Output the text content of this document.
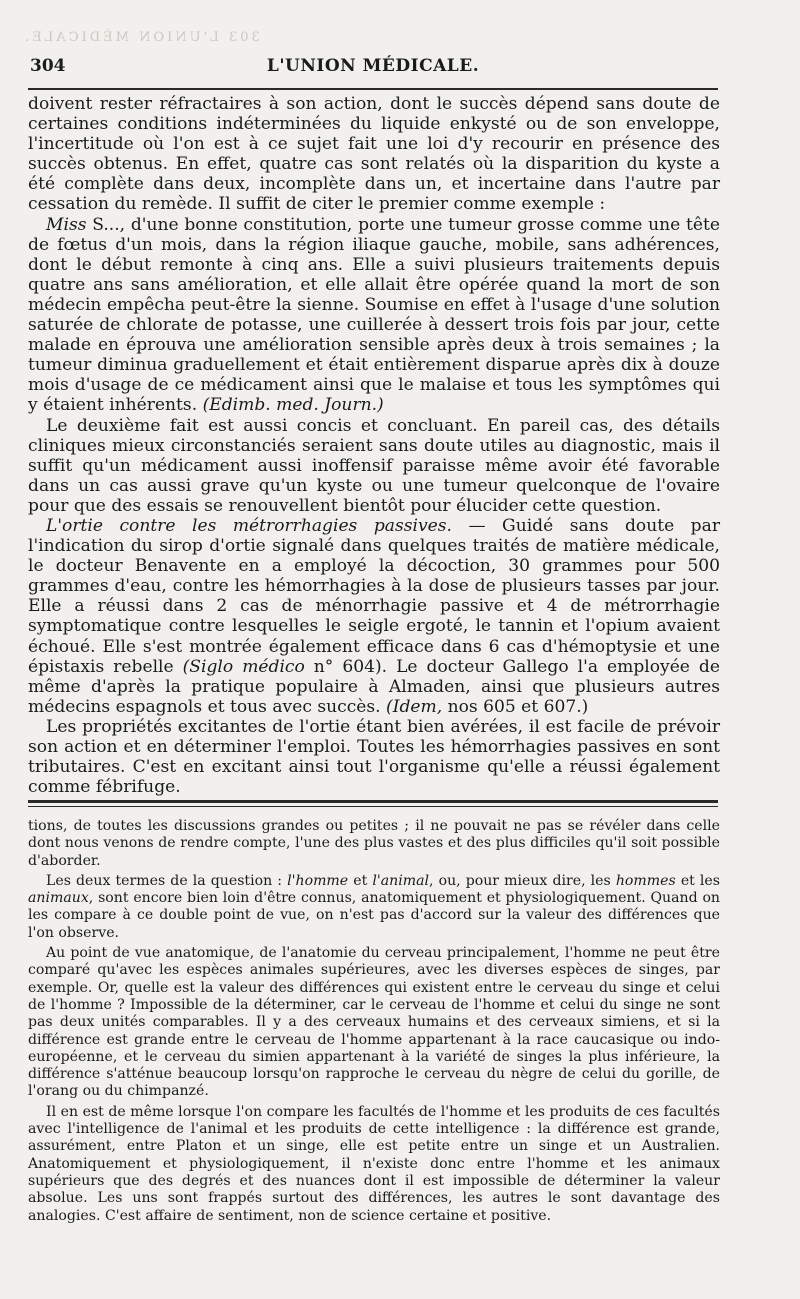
303 L'UNION MÉDICALE.
304	L'UNION MÉDICALE.

doivent rester réfractaires à son action, dont le succès dépend sans doute de certaines conditions indéterminées du liquide enkysté ou de son enveloppe, l'incertitude où l'on est à ce sujet fait une loi d'y recourir en présence des succès obtenus. En effet, quatre cas sont relatés où la disparition du kyste a été complète dans deux, incomplète dans un, et incertaine dans l'autre par cessation du remède. Il suffit de citer le premier comme exemple :

Miss S..., d'une bonne constitution, porte une tumeur grosse comme une tête de fœtus d'un mois, dans la région iliaque gauche, mobile, sans adhérences, dont le début remonte à cinq ans. Elle a suivi plusieurs traitements depuis quatre ans sans amélioration, et elle allait être opérée quand la mort de son médecin empêcha peut-être la sienne. Soumise en effet à l'usage d'une solution saturée de chlorate de potasse, une cuillerée à dessert trois fois par jour, cette malade en éprouva une amélioration sensible après deux à trois semaines ; la tumeur diminua graduellement et était entièrement disparue après dix à douze mois d'usage de ce médicament ainsi que le malaise et tous les symptômes qui y étaient inhérents. (Edimb. med. Journ.)

Le deuxième fait est aussi concis et concluant. En pareil cas, des détails cliniques mieux circonstanciés seraient sans doute utiles au diagnostic, mais il suffit qu'un médicament aussi inoffensif paraisse même avoir été favorable dans un cas aussi grave qu'un kyste ou une tumeur quelconque de l'ovaire pour que des essais se renouvellent bientôt pour élucider cette question.

L'ortie contre les métrorrhagies passives. — Guidé sans doute par l'indication du sirop d'ortie signalé dans quelques traités de matière médicale, le docteur Benavente en a employé la décoction, 30 grammes pour 500 grammes d'eau, contre les hémorrhagies à la dose de plusieurs tasses par jour. Elle a réussi dans 2 cas de ménorrhagie passive et 4 de métrorrhagie symptomatique contre lesquelles le seigle ergoté, le tannin et l'opium avaient échoué. Elle s'est montrée également efficace dans 6 cas d'hémoptysie et une épistaxis rebelle (Siglo médico n° 604). Le docteur Gallego l'a employée de même d'après la pratique populaire à Almaden, ainsi que plusieurs autres médecins espagnols et tous avec succès. (Idem, nos 605 et 607.)

Les propriétés excitantes de l'ortie étant bien avérées, il est facile de prévoir son action et en déterminer l'emploi. Toutes les hémorrhagies passives en sont tributaires. C'est en excitant ainsi tout l'organisme qu'elle a réussi également comme fébrifuge.

tions, de toutes les discussions grandes ou petites ; il ne pouvait ne pas se révéler dans celle dont nous venons de rendre compte, l'une des plus vastes et des plus difficiles qu'il soit possible d'aborder.

Les deux termes de la question : l'homme et l'animal, ou, pour mieux dire, les hommes et les animaux, sont encore bien loin d'être connus, anatomiquement et physiologiquement. Quand on les compare à ce double point de vue, on n'est pas d'accord sur la valeur des différences que l'on observe.

Au point de vue anatomique, de l'anatomie du cerveau principalement, l'homme ne peut être comparé qu'avec les espèces animales supérieures, avec les diverses espèces de singes, par exemple. Or, quelle est la valeur des différences qui existent entre le cerveau du singe et celui de l'homme ? Impossible de la déterminer, car le cerveau de l'homme et celui du singe ne sont pas deux unités comparables. Il y a des cerveaux humains et des cerveaux simiens, et si la différence est grande entre le cerveau de l'homme appartenant à la race caucasique ou indo-européenne, et le cerveau du simien appartenant à la variété de singes la plus inférieure, la différence s'atténue beaucoup lorsqu'on rapproche le cerveau du nègre de celui du gorille, de l'orang ou du chimpanzé.

Il en est de même lorsque l'on compare les facultés de l'homme et les produits de ces facultés avec l'intelligence de l'animal et les produits de cette intelligence : la différence est grande, assurément, entre Platon et un singe, elle est petite entre un singe et un Australien. Anatomiquement et physiologiquement, il n'existe donc entre l'homme et les animaux supérieurs que des degrés et des nuances dont il est impossible de déterminer la valeur absolue. Les uns sont frappés surtout des différences, les autres le sont davantage des analogies. C'est affaire de sentiment, non de science certaine et positive.
